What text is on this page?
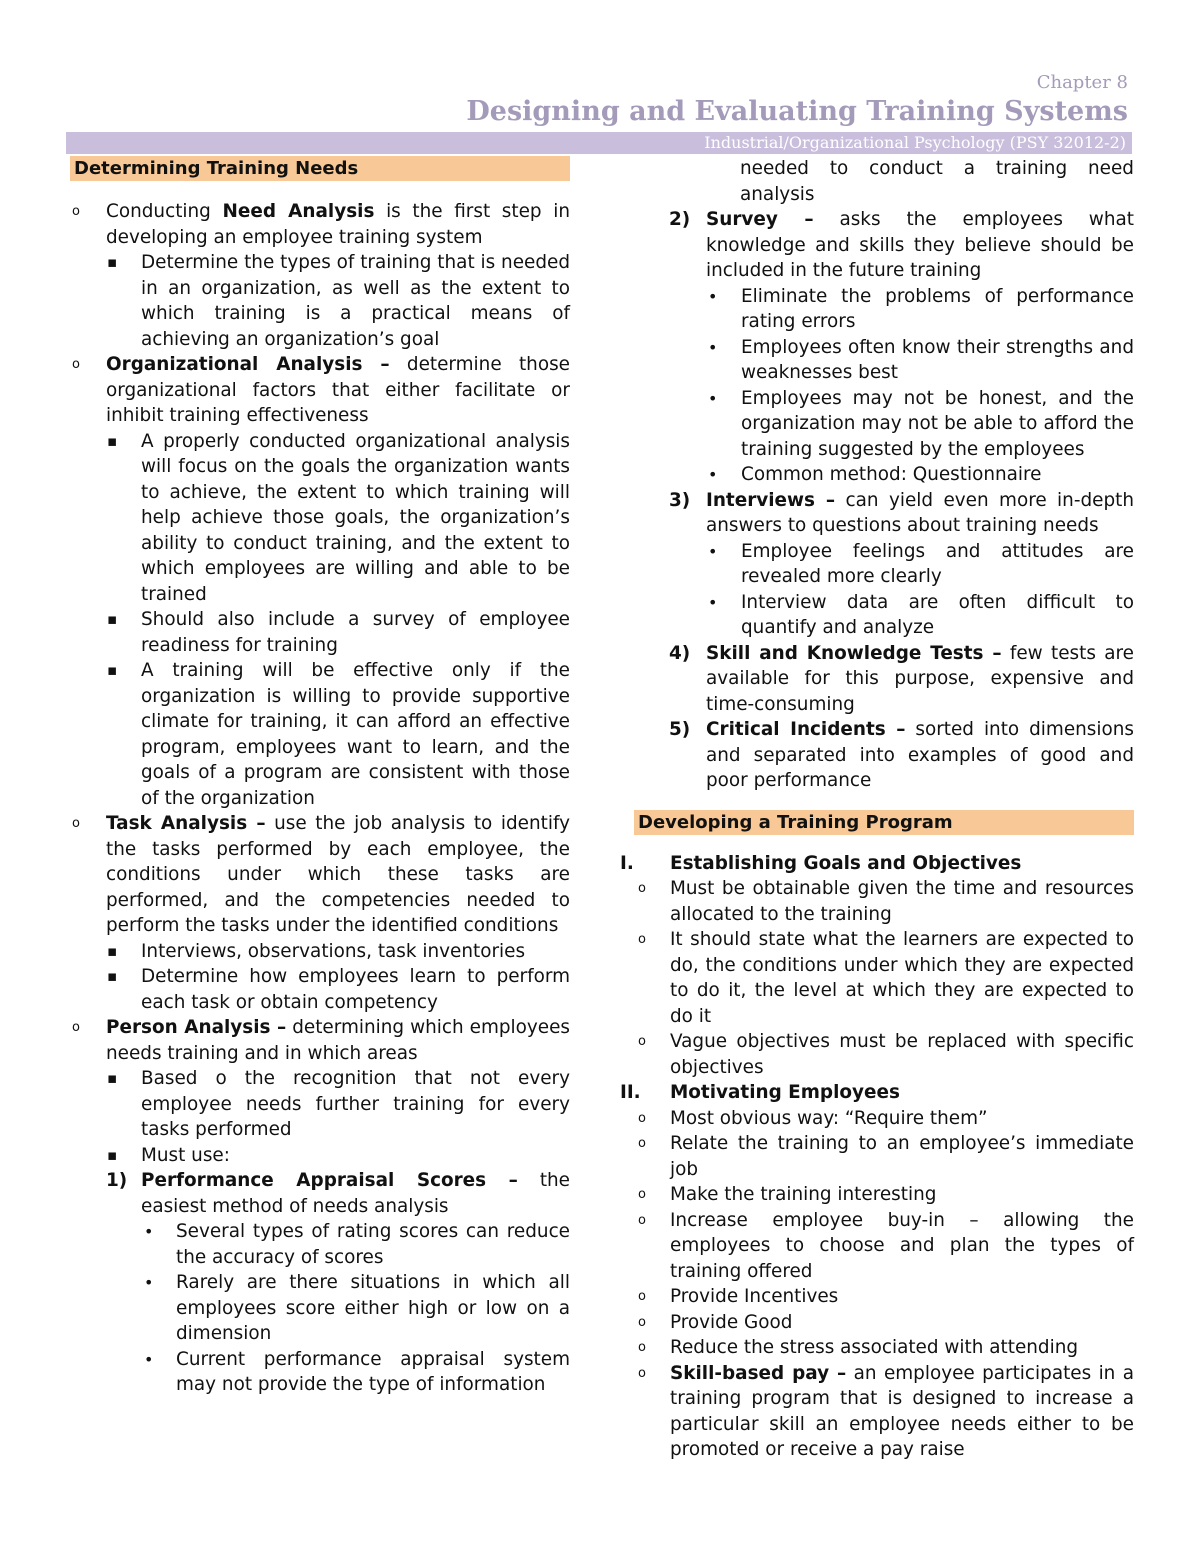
Chapter 8
Designing and Evaluating Training Systems
Industrial/Organizational Psychology (PSY 32012-2)
Determining Training Needs
o Conducting Need Analysis is the first step in developing an employee training system
▪ Determine the types of training that is needed in an organization, as well as the extent to which training is a practical means of achieving an organization’s goal
o Organizational Analysis – determine those organizational factors that either facilitate or inhibit training effectiveness
▪ A properly conducted organizational analysis will focus on the goals the organization wants to achieve, the extent to which training will help achieve those goals, the organization’s ability to conduct training, and the extent to which employees are willing and able to be trained
▪ Should also include a survey of employee readiness for training
▪ A training will be effective only if the organization is willing to provide supportive climate for training, it can afford an effective program, employees want to learn, and the goals of a program are consistent with those of the organization
o Task Analysis – use the job analysis to identify the tasks performed by each employee, the conditions under which these tasks are performed, and the competencies needed to perform the tasks under the identified conditions
▪ Interviews, observations, task inventories
▪ Determine how employees learn to perform each task or obtain competency
o Person Analysis – determining which employees needs training and in which areas
▪ Based o the recognition that not every employee needs further training for every tasks performed
▪ Must use:
1) Performance Appraisal Scores – the easiest method of needs analysis
• Several types of rating scores can reduce the accuracy of scores
• Rarely are there situations in which all employees score either high or low on a dimension
• Current performance appraisal system may not provide the type of information
needed to conduct a training need analysis
2) Survey – asks the employees what knowledge and skills they believe should be included in the future training
• Eliminate the problems of performance rating errors
• Employees often know their strengths and weaknesses best
• Employees may not be honest, and the organization may not be able to afford the training suggested by the employees
• Common method: Questionnaire
3) Interviews – can yield even more in-depth answers to questions about training needs
• Employee feelings and attitudes are revealed more clearly
• Interview data are often difficult to quantify and analyze
4) Skill and Knowledge Tests – few tests are available for this purpose, expensive and time-consuming
5) Critical Incidents – sorted into dimensions and separated into examples of good and poor performance
Developing a Training Program
I. Establishing Goals and Objectives
o Must be obtainable given the time and resources allocated to the training
o It should state what the learners are expected to do, the conditions under which they are expected to do it, the level at which they are expected to do it
o Vague objectives must be replaced with specific objectives
II. Motivating Employees
o Most obvious way: “Require them”
o Relate the training to an employee’s immediate job
o Make the training interesting
o Increase employee buy-in – allowing the employees to choose and plan the types of training offered
o Provide Incentives
o Provide Good
o Reduce the stress associated with attending
o Skill-based pay – an employee participates in a training program that is designed to increase a particular skill an employee needs either to be promoted or receive a pay raise
